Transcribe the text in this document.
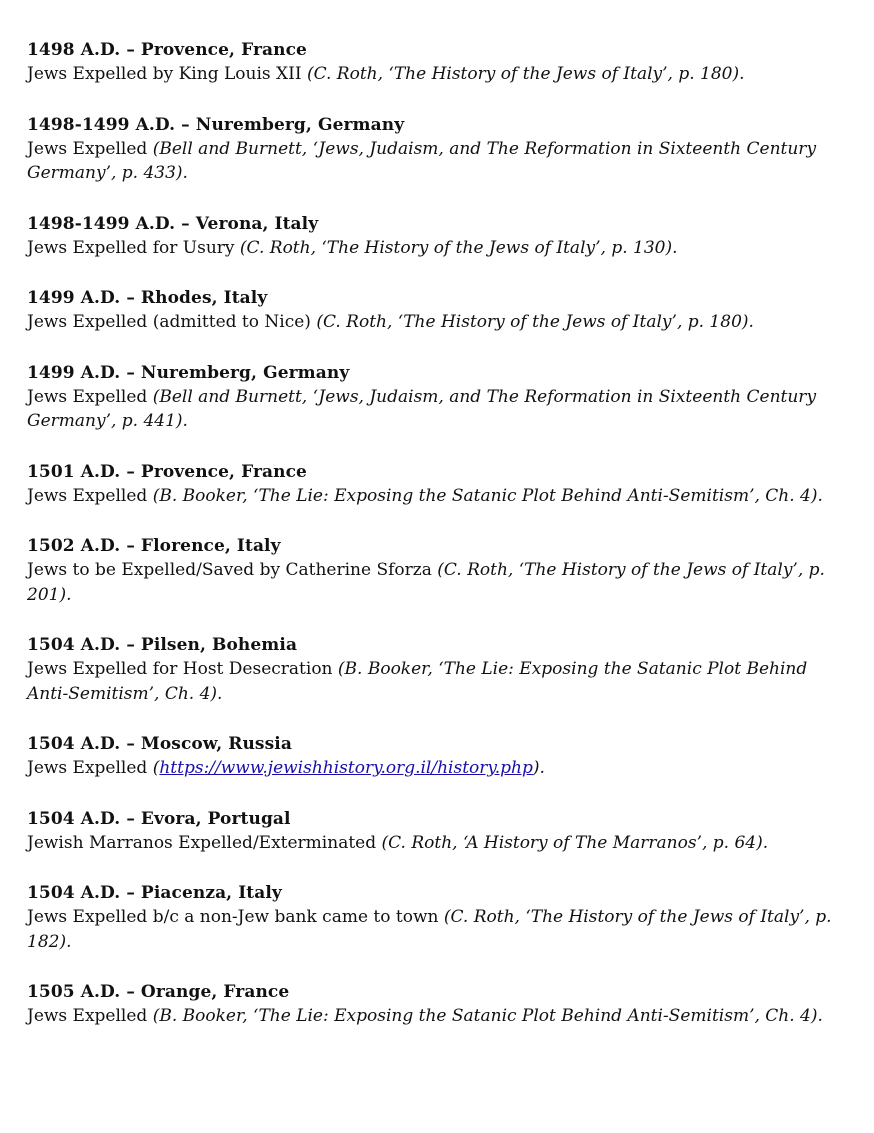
1498 A.D. – Provence, France
Jews Expelled by King Louis XII (C. Roth, ‘The History of the Jews of Italy’, p. 180).
1498-1499 A.D. – Nuremberg, Germany
Jews Expelled (Bell and Burnett, ‘Jews, Judaism, and The Reformation in Sixteenth Century Germany’, p. 433).
1498-1499 A.D. – Verona, Italy
Jews Expelled for Usury (C. Roth, ‘The History of the Jews of Italy’, p. 130).
1499 A.D. – Rhodes, Italy
Jews Expelled (admitted to Nice) (C. Roth, ‘The History of the Jews of Italy’, p. 180).
1499 A.D. – Nuremberg, Germany
Jews Expelled (Bell and Burnett, ‘Jews, Judaism, and The Reformation in Sixteenth Century Germany’, p. 441).
1501 A.D. – Provence, France
Jews Expelled (B. Booker, ‘The Lie: Exposing the Satanic Plot Behind Anti-Semitism’, Ch. 4).
1502 A.D. – Florence, Italy
Jews to be Expelled/Saved by Catherine Sforza (C. Roth, ‘The History of the Jews of Italy’, p. 201).
1504 A.D. – Pilsen, Bohemia
Jews Expelled for Host Desecration (B. Booker, ‘The Lie: Exposing the Satanic Plot Behind Anti-Semitism’, Ch. 4).
1504 A.D. – Moscow, Russia
Jews Expelled (https://www.jewishhistory.org.il/history.php).
1504 A.D. – Evora, Portugal
Jewish Marranos Expelled/Exterminated (C. Roth, ‘A History of The Marranos’, p. 64).
1504 A.D. – Piacenza, Italy
Jews Expelled b/c a non-Jew bank came to town (C. Roth, ‘The History of the Jews of Italy’, p. 182).
1505 A.D. – Orange, France
Jews Expelled (B. Booker, ‘The Lie: Exposing the Satanic Plot Behind Anti-Semitism’, Ch. 4).
